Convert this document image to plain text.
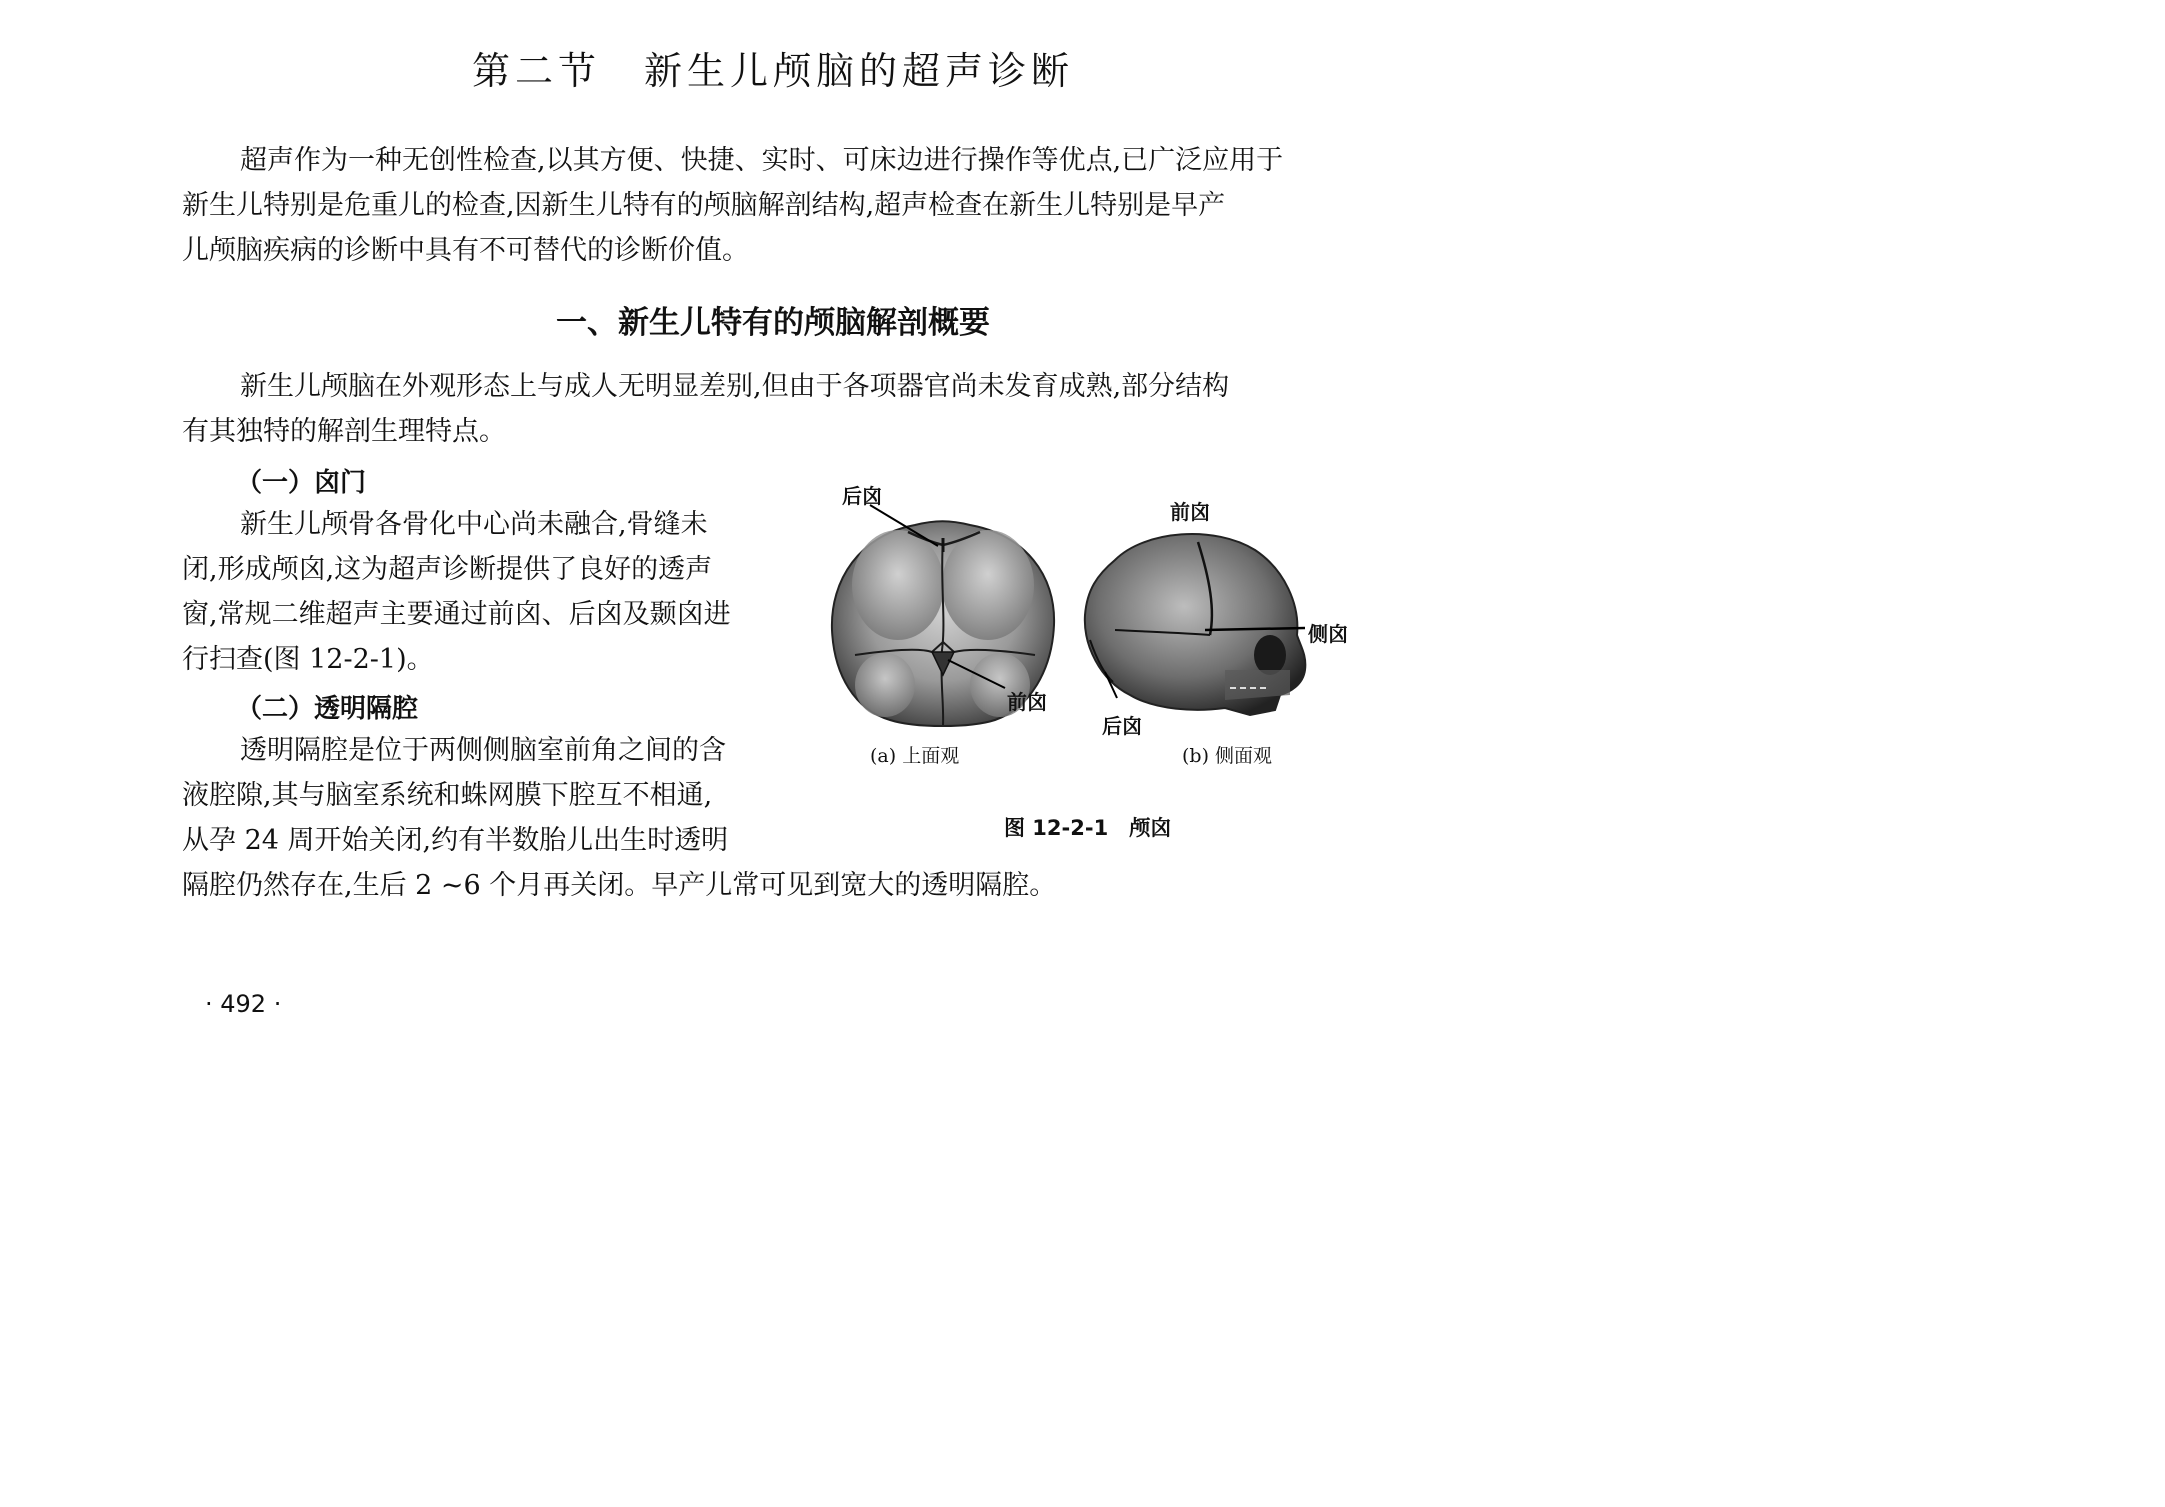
第二节　新生儿颅脑的超声诊断
超声作为一种无创性检查,以其方便、快捷、实时、可床边进行操作等优点,已广泛应用于
新生儿特别是危重儿的检查,因新生儿特有的颅脑解剖结构,超声检查在新生儿特别是早产
儿颅脑疾病的诊断中具有不可替代的诊断价值。
一、新生儿特有的颅脑解剖概要
新生儿颅脑在外观形态上与成人无明显差别,但由于各项器官尚未发育成熟,部分结构
有其独特的解剖生理特点。
（一）囟门
新生儿颅骨各骨化中心尚未融合,骨缝未
闭,形成颅囟,这为超声诊断提供了良好的透声
窗,常规二维超声主要通过前囟、后囟及颞囟进
行扫查(图 12-2-1)。
（二）透明隔腔
透明隔腔是位于两侧侧脑室前角之间的含
液腔隙,其与脑室系统和蛛网膜下腔互不相通,
从孕 24 周开始关闭,约有半数胎儿出生时透明
隔腔仍然存在,生后 2 ~6 个月再关闭。早产儿常可见到宽大的透明隔腔。
后囟
前囟
(a) 上面观
前囟
侧囟
后囟
(b) 侧面观
图 12-2-1　颅囟
· 492 ·
